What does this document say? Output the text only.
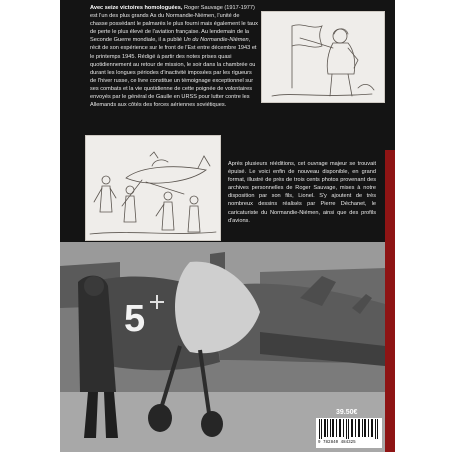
Avec seize victoires homologuées, Roger Sauvage (1917-1977) est l'un des plus grands As du Normandie-Niémen, l'unité de chasse possédant le palmarès le plus fourni mais également le taux de perte le plus élevé de l'aviation française. Au lendemain de la Seconde Guerre mondiale, il a publié Un du Normandie-Niémen, récit de son expérience sur le front de l'Est entre décembre 1943 et le printemps 1945. Rédigé à partir des notes prises quasi quotidiennement au retour de mission, le soir dans la chambrée ou durant les longues périodes d'inactivité imposées par les rigueurs de l'hiver russe, ce livre constitue un témoignage exceptionnel sur ses combats et la vie quotidienne de cette poignée de volontaires envoyés par le général de Gaulle en URSS pour lutter contre les Allemands aux côtés des forces aériennes soviétiques.

Après plusieurs rééditions, cet ouvrage majeur se trouvait épuisé. Le voici enfin de nouveau disponible, en grand format, illustré de près de trois cents photos provenant des archives personnelles de Roger Sauvage, mises à notre disposition par son fils, Lionel. S'y ajoutent de très nombreux dessins réalisés par Pierre Déchanet, le caricaturiste du Normandie-Niémen, ainsi que des profils d'avions.

5
39.50€
9 782840 484325
